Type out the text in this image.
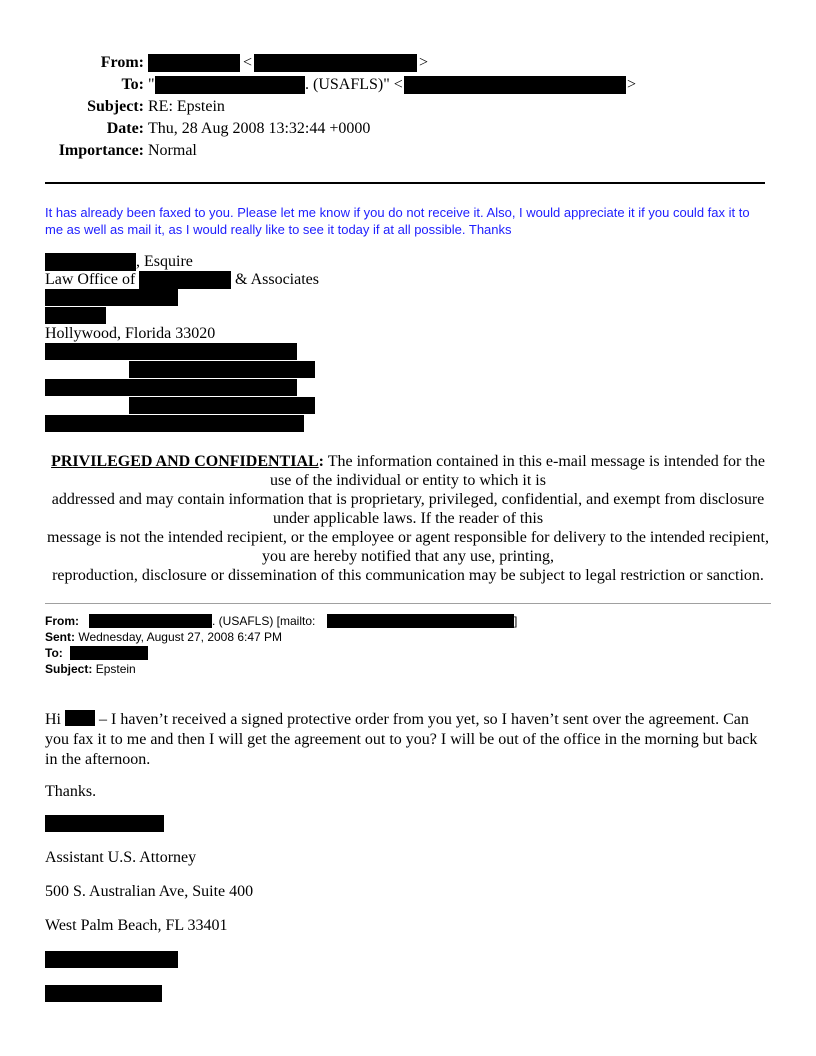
From:	<	>
To: "	. (USAFLS)" <	>
Subject: RE: Epstein
Date: Thu, 28 Aug 2008 13:32:44 +0000
Importance: Normal
It has already been faxed to you. Please let me know if you do not receive it. Also, I would appreciate it if you could fax it to me as well as mail it, as I would really like to see it today if at all possible. Thanks
, Esquire
Law Office of	& Associates
Hollywood, Florida 33020
PRIVILEGED AND CONFIDENTIAL: The information contained in this e-mail message is intended for the use of the individual or entity to which it is
addressed and may contain information that is proprietary, privileged, confidential, and exempt from disclosure under applicable laws. If the reader of this
message is not the intended recipient, or the employee or agent responsible for delivery to the intended recipient, you are hereby notified that any use, printing,
reproduction, disclosure or dissemination of this communication may be subject to legal restriction or sanction.
From:	. (USAFLS) [mailto:	]
Sent: Wednesday, August 27, 2008 6:47 PM
To:
Subject: Epstein
Hi  – I haven’t received a signed protective order from you yet, so I haven’t sent over the agreement. Can you fax it to me and then I will get the agreement out to you? I will be out of the office in the morning but back in the afternoon.
Thanks.
Assistant U.S. Attorney
500 S. Australian Ave, Suite 400
West Palm Beach, FL 33401
